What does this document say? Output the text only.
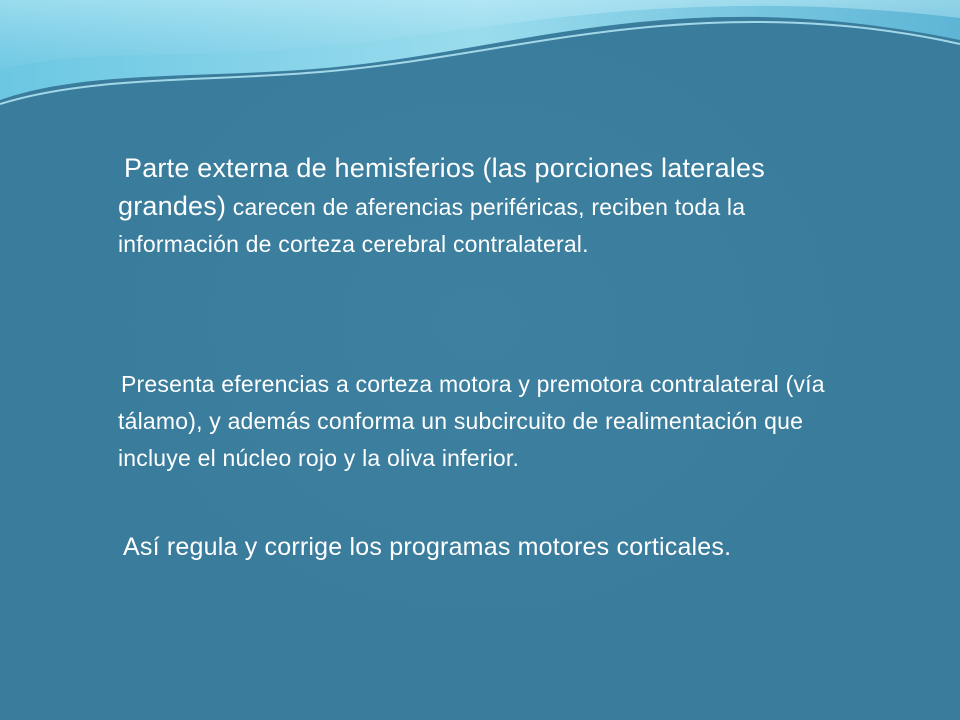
Parte externa de hemisferios (las porciones laterales grandes) carecen de aferencias periféricas, reciben toda la información de corteza cerebral contralateral.

Presenta eferencias a corteza motora y premotora contralateral (vía tálamo), y además conforma un subcircuito de realimentación que incluye el núcleo rojo y la oliva inferior.

Así regula y corrige los programas motores corticales.
